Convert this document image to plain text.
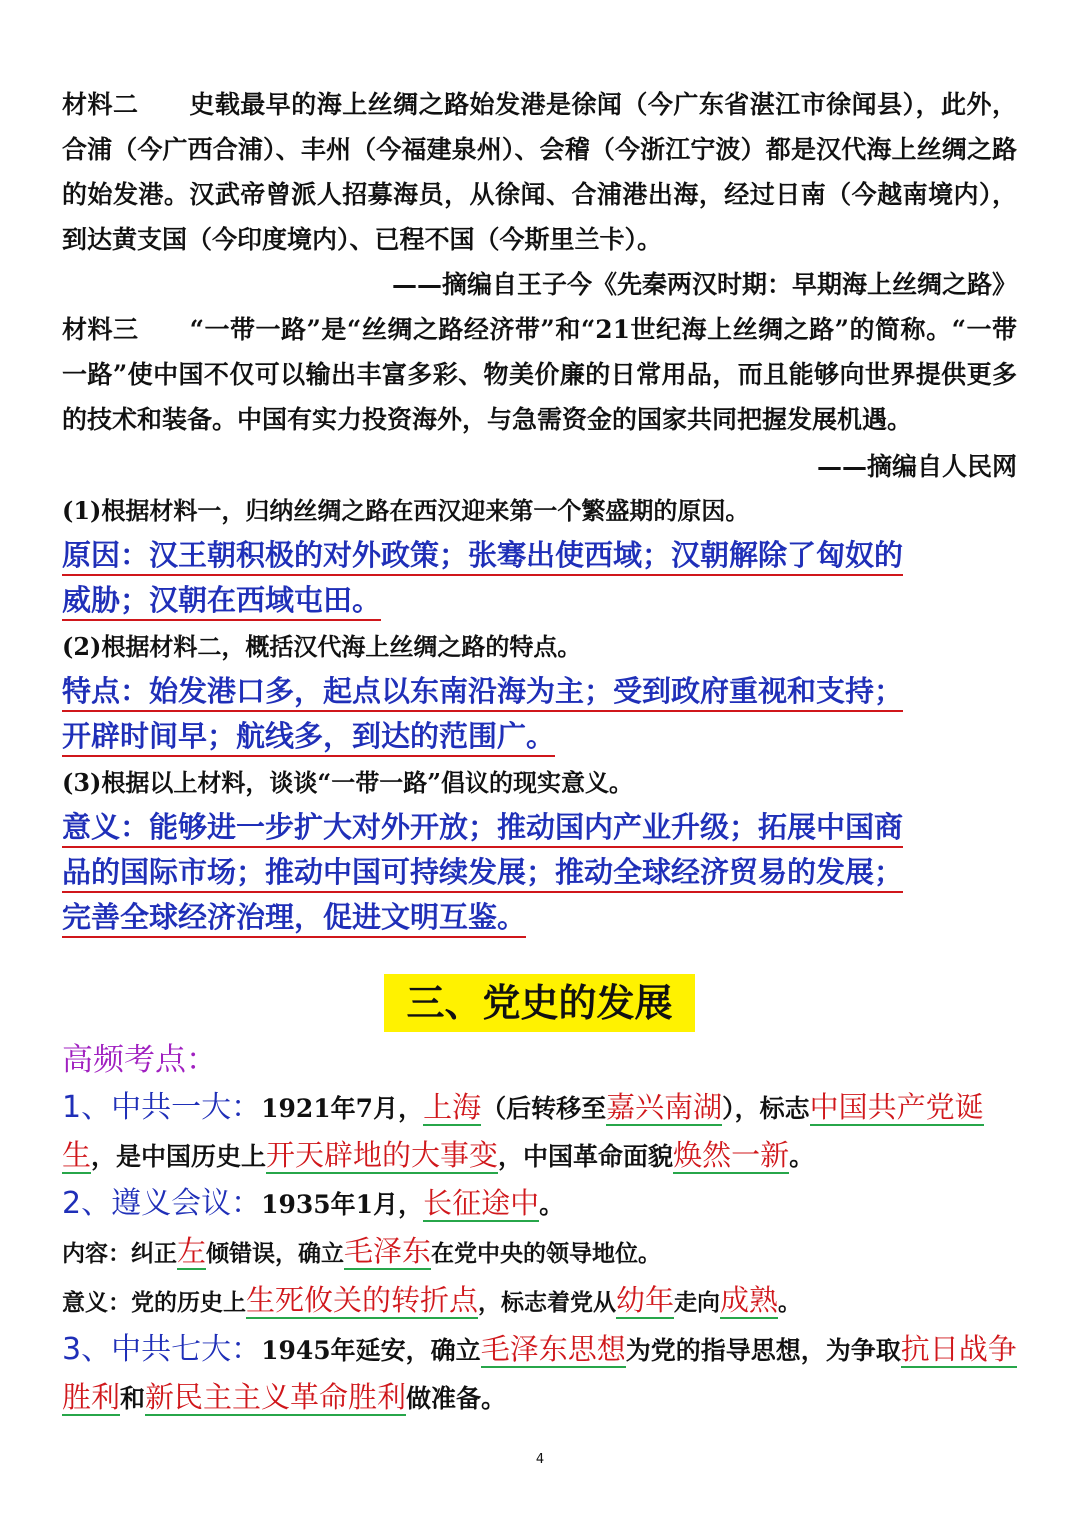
材料二　　史载最早的海上丝绸之路始发港是徐闻（今广东省湛江市徐闻县），此外，合浦（今广西合浦）、丰州（今福建泉州）、会稽（今浙江宁波）都是汉代海上丝绸之路的始发港。汉武帝曾派人招募海员，从徐闻、合浦港出海，经过日南（今越南境内），到达黄支国（今印度境内）、已程不国（今斯里兰卡）。

——摘编自王子今《先秦两汉时期：早期海上丝绸之路》

材料三　　“一带一路”是“丝绸之路经济带”和“21世纪海上丝绸之路”的简称。“一带一路”使中国不仅可以输出丰富多彩、物美价廉的日常用品，而且能够向世界提供更多的技术和装备。中国有实力投资海外，与急需资金的国家共同把握发展机遇。

——摘编自人民网

(1)根据材料一，归纳丝绸之路在西汉迎来第一个繁盛期的原因。

原因：汉王朝积极的对外政策；张骞出使西域；汉朝解除了匈奴的
威胁；汉朝在西域屯田。

(2)根据材料二，概括汉代海上丝绸之路的特点。

特点：始发港口多，起点以东南沿海为主；受到政府重视和支持；
开辟时间早；航线多，到达的范围广。

(3)根据以上材料，谈谈“一带一路”倡议的现实意义。

意义：能够进一步扩大对外开放；推动国内产业升级；拓展中国商
品的国际市场；推动中国可持续发展；推动全球经济贸易的发展；
完善全球经济治理，促进文明互鉴。

三、党史的发展

高频考点：

1、中共一大：1921年7月，上海（后转移至嘉兴南湖），标志中国共产党诞生，是中国历史上开天辟地的大事变，中国革命面貌焕然一新。

2、遵义会议：1935年1月，长征途中。

内容：纠正左倾错误，确立毛泽东在党中央的领导地位。

意义：党的历史上生死攸关的转折点，标志着党从幼年走向成熟。

3、中共七大：1945年延安，确立毛泽东思想为党的指导思想，为争取抗日战争胜利和新民主主义革命胜利做准备。

4
